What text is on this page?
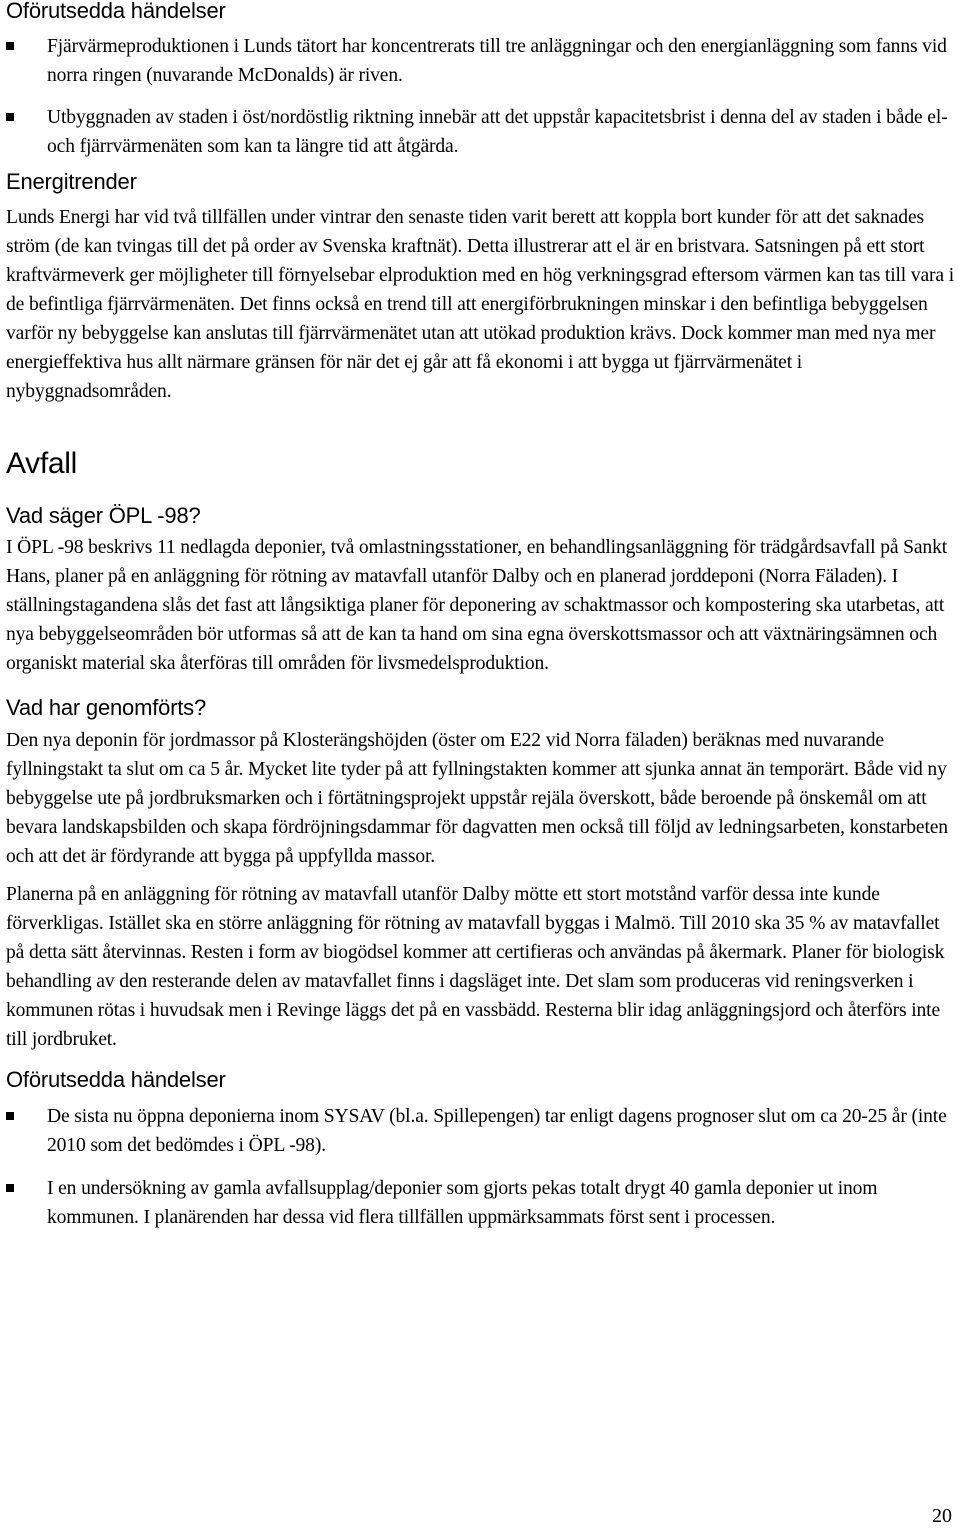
Oförutsedda händelser
Fjärvärmeproduktionen i Lunds tätort har koncentrerats till tre anläggningar och den energianläggning som fanns vid norra ringen (nuvarande McDonalds) är riven.
Utbyggnaden av staden i öst/nordöstlig riktning innebär att det uppstår kapacitetsbrist i denna del av staden i både el- och fjärrvärmenäten som kan ta längre tid att åtgärda.
Energitrender

Lunds Energi har vid två tillfällen under vintrar den senaste tiden varit berett att koppla bort kunder för att det saknades ström (de kan tvingas till det på order av Svenska kraftnät). Detta illustrerar att el är en bristvara. Satsningen på ett stort kraftvärmeverk ger möjligheter till förnyelsebar elproduktion med en hög verkningsgrad eftersom värmen kan tas till vara i de befintliga fjärrvärmenäten. Det finns också en trend till att energiförbrukningen minskar i den befintliga bebyggelsen varför ny bebyggelse kan anslutas till fjärrvärmenätet utan att utökad produktion krävs. Dock kommer man med nya mer energieffektiva hus allt närmare gränsen för när det ej går att få ekonomi i att bygga ut fjärrvärmenätet i nybyggnadsområden.

Avfall
Vad säger ÖPL -98?

I ÖPL -98 beskrivs 11 nedlagda deponier, två omlastningsstationer, en behandlingsanläggning för trädgårdsavfall på Sankt Hans, planer på en anläggning för rötning av matavfall utanför Dalby och en planerad jorddeponi (Norra Fäladen). I ställningstagandena slås det fast att långsiktiga planer för deponering av schaktmassor och kompostering ska utarbetas, att nya bebyggelseområden bör utformas så att de kan ta hand om sina egna överskottsmassor och att växtnäringsämnen och organiskt material ska återföras till områden för livsmedelsproduktion.

Vad har genomförts?

Den nya deponin för jordmassor på Klosterängshöjden (öster om E22 vid Norra fäladen) beräknas med nuvarande fyllningstakt ta slut om ca 5 år. Mycket lite tyder på att fyllningstakten kommer att sjunka annat än temporärt. Både vid ny bebyggelse ute på jordbruksmarken och i förtätningsprojekt uppstår rejäla överskott, både beroende på önskemål om att bevara landskapsbilden och skapa fördröjningsdammar för dagvatten men också till följd av ledningsarbeten, konstarbeten och att det är fördyrande att bygga på uppfyllda massor.

Planerna på en anläggning för rötning av matavfall utanför Dalby mötte ett stort motstånd varför dessa inte kunde förverkligas. Istället ska en större anläggning för rötning av matavfall byggas i Malmö. Till 2010 ska 35 % av matavfallet på detta sätt återvinnas. Resten i form av biogödsel kommer att certifieras och användas på åkermark. Planer för biologisk behandling av den resterande delen av matavfallet finns i dagsläget inte. Det slam som produceras vid reningsverken i kommunen rötas i huvudsak men i Revinge läggs det på en vassbädd. Resterna blir idag anläggningsjord och återförs inte till jordbruket.

Oförutsedda händelser
De sista nu öppna deponierna inom SYSAV (bl.a. Spillepengen) tar enligt dagens prognoser slut om ca 20-25 år (inte 2010 som det bedömdes i ÖPL -98).
I en undersökning av gamla avfallsupplag/deponier som gjorts pekas totalt drygt 40 gamla deponier ut inom kommunen. I planärenden har dessa vid flera tillfällen uppmärksammats först sent i processen.
20
